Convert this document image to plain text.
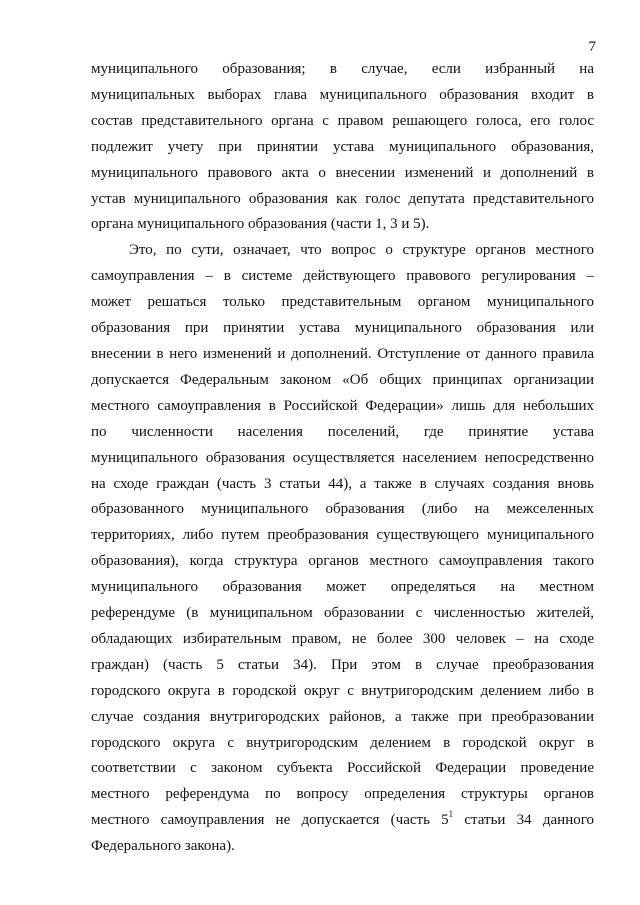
7

муниципального образования; в случае, если избранный на
муниципальных выборах глава муниципального образования входит в
состав представительного органа с правом решающего голоса, его голос
подлежит учету при принятии устава муниципального образования,
муниципального правового акта о внесении изменений и дополнений в
устав муниципального образования как голос депутата представительного
органа муниципального образования (части 1, 3 и 5).

Это, по сути, означает, что вопрос о структуре органов местного
самоуправления – в системе действующего правового регулирования –
может решаться только представительным органом муниципального
образования при принятии устава муниципального образования или
внесении в него изменений и дополнений. Отступление от данного правила
допускается Федеральным законом «Об общих принципах организации
местного самоуправления в Российской Федерации» лишь для небольших
по численности населения поселений, где принятие устава
муниципального образования осуществляется населением непосредственно
на сходе граждан (часть 3 статьи 44), а также в случаях создания вновь
образованного муниципального образования (либо на межселенных
территориях, либо путем преобразования существующего муниципального
образования), когда структура органов местного самоуправления такого
муниципального образования может определяться на местном
референдуме (в муниципальном образовании с численностью жителей,
обладающих избирательным правом, не более 300 человек – на сходе
граждан) (часть 5 статьи 34). При этом в случае преобразования
городского округа в городской округ с внутригородским делением либо в
случае создания внутригородских районов, а также при преобразовании
городского округа с внутригородским делением в городской округ в
соответствии с законом субъекта Российской Федерации проведение
местного референдума по вопросу определения структуры органов
местного самоуправления не допускается (часть $5^1$ статьи 34 данного
Федерального закона).
